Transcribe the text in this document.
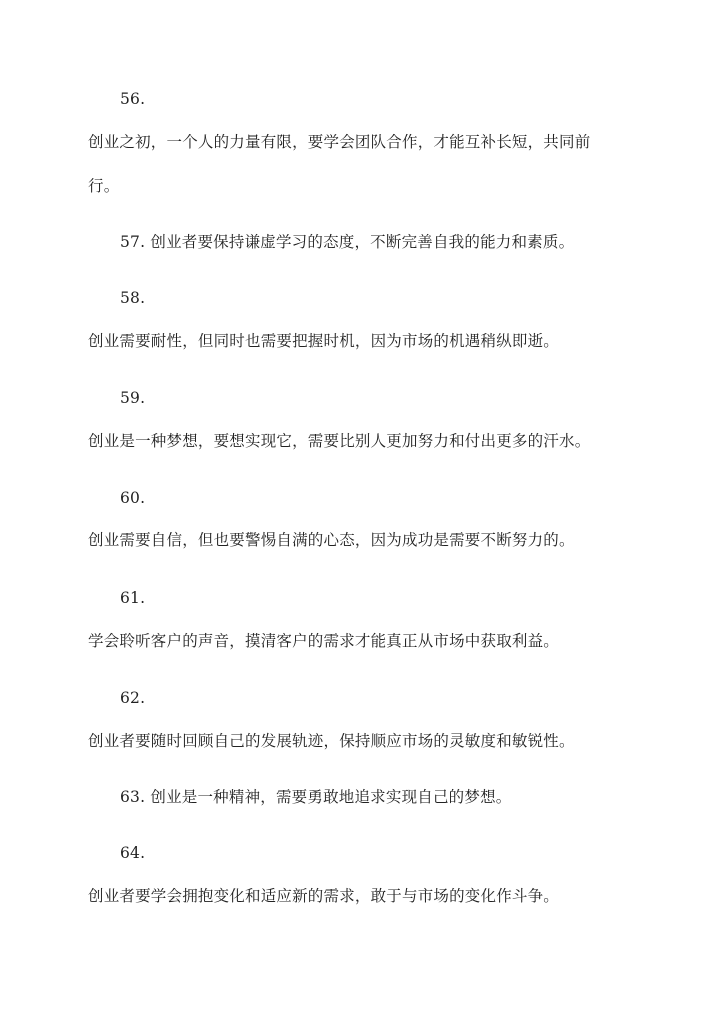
56.
创业之初，一个人的力量有限，要学会团队合作，才能互补长短，共同前
行。
57. 创业者要保持谦虚学习的态度，不断完善自我的能力和素质。
58.
创业需要耐性，但同时也需要把握时机，因为市场的机遇稍纵即逝。
59.
创业是一种梦想，要想实现它，需要比别人更加努力和付出更多的汗水。
60.
创业需要自信，但也要警惕自满的心态，因为成功是需要不断努力的。
61.
学会聆听客户的声音，摸清客户的需求才能真正从市场中获取利益。
62.
创业者要随时回顾自己的发展轨迹，保持顺应市场的灵敏度和敏锐性。
63. 创业是一种精神，需要勇敢地追求实现自己的梦想。
64.
创业者要学会拥抱变化和适应新的需求，敢于与市场的变化作斗争。
